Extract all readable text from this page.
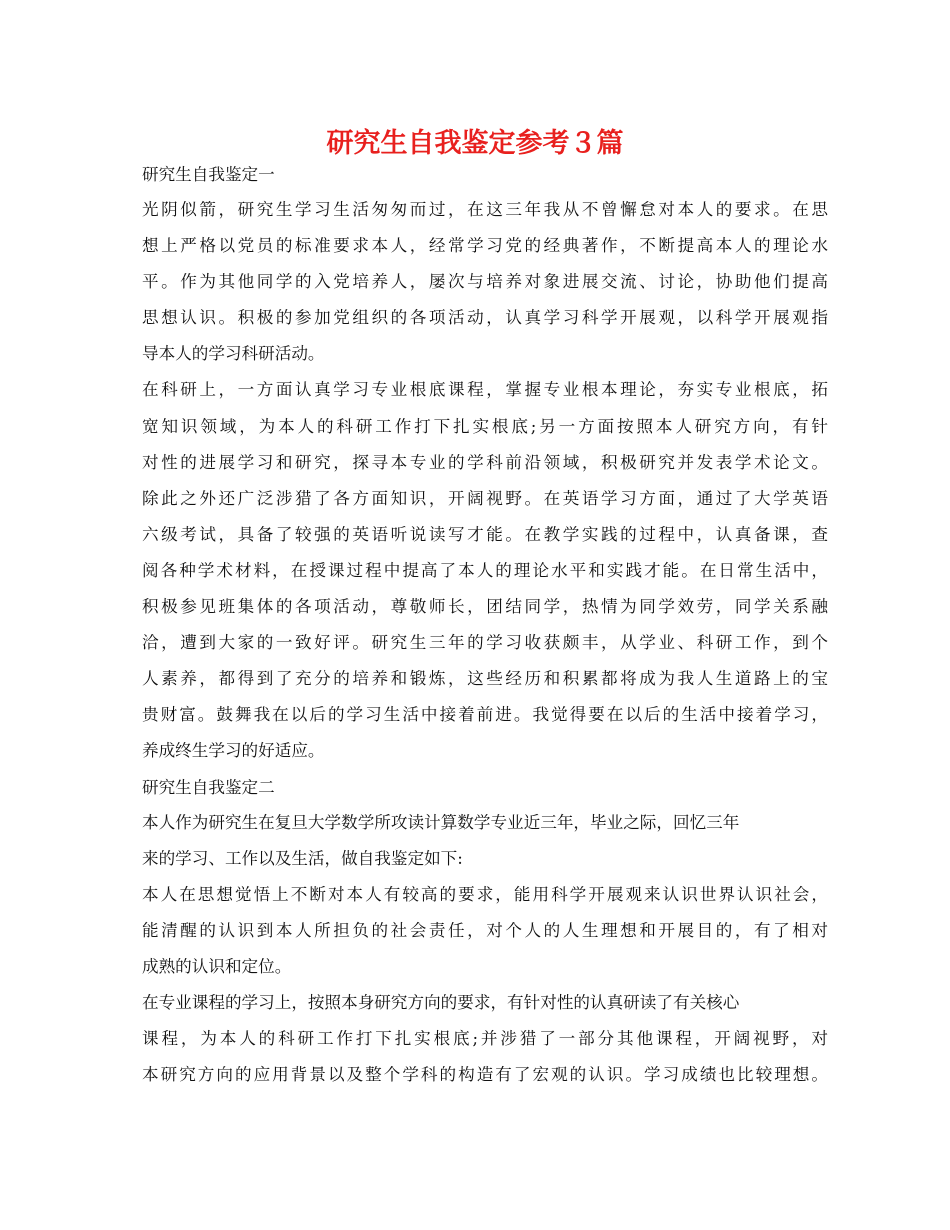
研究生自我鉴定参考３篇

研究生自我鉴定一

光阴似箭，研究生学习生活匆匆而过，在这三年我从不曾懈怠对本人的要求。在思

想上严格以党员的标准要求本人，经常学习党的经典著作，不断提高本人的理论水

平。作为其他同学的入党培养人，屡次与培养对象进展交流、讨论，协助他们提高

思想认识。积极的参加党组织的各项活动，认真学习科学开展观，以科学开展观指

导本人的学习科研活动。

在科研上，一方面认真学习专业根底课程，掌握专业根本理论，夯实专业根底，拓

宽知识领域，为本人的科研工作打下扎实根底;另一方面按照本人研究方向，有针

对性的进展学习和研究，探寻本专业的学科前沿领域，积极研究并发表学术论文。

除此之外还广泛涉猎了各方面知识，开阔视野。在英语学习方面，通过了大学英语

六级考试，具备了较强的英语听说读写才能。在教学实践的过程中，认真备课，查

阅各种学术材料，在授课过程中提高了本人的理论水平和实践才能。在日常生活中，

积极参见班集体的各项活动，尊敬师长，团结同学，热情为同学效劳，同学关系融

洽，遭到大家的一致好评。研究生三年的学习收获颇丰，从学业、科研工作，到个

人素养，都得到了充分的培养和锻炼，这些经历和积累都将成为我人生道路上的宝

贵财富。鼓舞我在以后的学习生活中接着前进。我觉得要在以后的生活中接着学习，

养成终生学习的好适应。

研究生自我鉴定二

本人作为研究生在复旦大学数学所攻读计算数学专业近三年，毕业之际，回忆三年

来的学习、工作以及生活，做自我鉴定如下:

本人在思想觉悟上不断对本人有较高的要求，能用科学开展观来认识世界认识社会，

能清醒的认识到本人所担负的社会责任，对个人的人生理想和开展目的，有了相对

成熟的认识和定位。

在专业课程的学习上，按照本身研究方向的要求，有针对性的认真研读了有关核心

课程，为本人的科研工作打下扎实根底;并涉猎了一部分其他课程，开阔视野，对

本研究方向的应用背景以及整个学科的构造有了宏观的认识。学习成绩也比较理想。
